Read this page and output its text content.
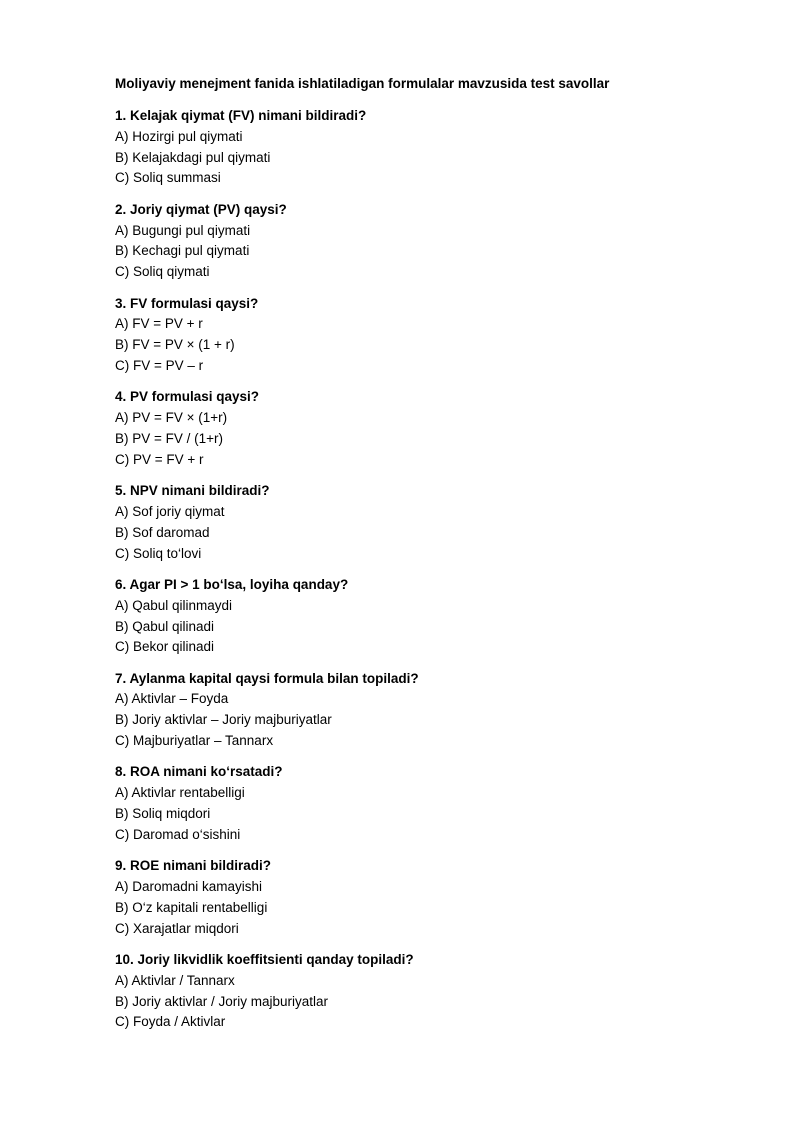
Moliyaviy menejment fanida ishlatiladigan formulalar mavzusida test savollar
1. Kelajak qiymat (FV) nimani bildiradi?
A) Hozirgi pul qiymati
B) Kelajakdagi pul qiymati
C) Soliq summasi
2. Joriy qiymat (PV) qaysi?
A) Bugungi pul qiymati
B) Kechagi pul qiymati
C) Soliq qiymati
3. FV formulasi qaysi?
A) FV = PV + r
B) FV = PV × (1 + r)
C) FV = PV – r
4. PV formulasi qaysi?
A) PV = FV × (1+r)
B) PV = FV / (1+r)
C) PV = FV + r
5. NPV nimani bildiradi?
A) Sof joriy qiymat
B) Sof daromad
C) Soliq to‘lovi
6. Agar PI > 1 bo‘lsa, loyiha qanday?
A) Qabul qilinmaydi
B) Qabul qilinadi
C) Bekor qilinadi
7. Aylanma kapital qaysi formula bilan topiladi?
A) Aktivlar – Foyda
B) Joriy aktivlar – Joriy majburiyatlar
C) Majburiyatlar – Tannarx
8. ROA nimani ko‘rsatadi?
A) Aktivlar rentabelligi
B) Soliq miqdori
C) Daromad o‘sishini
9. ROE nimani bildiradi?
A) Daromadni kamayishi
B) O‘z kapitali rentabelligi
C) Xarajatlar miqdori
10. Joriy likvidlik koeffitsienti qanday topiladi?
A) Aktivlar / Tannarx
B) Joriy aktivlar / Joriy majburiyatlar
C) Foyda / Aktivlar
